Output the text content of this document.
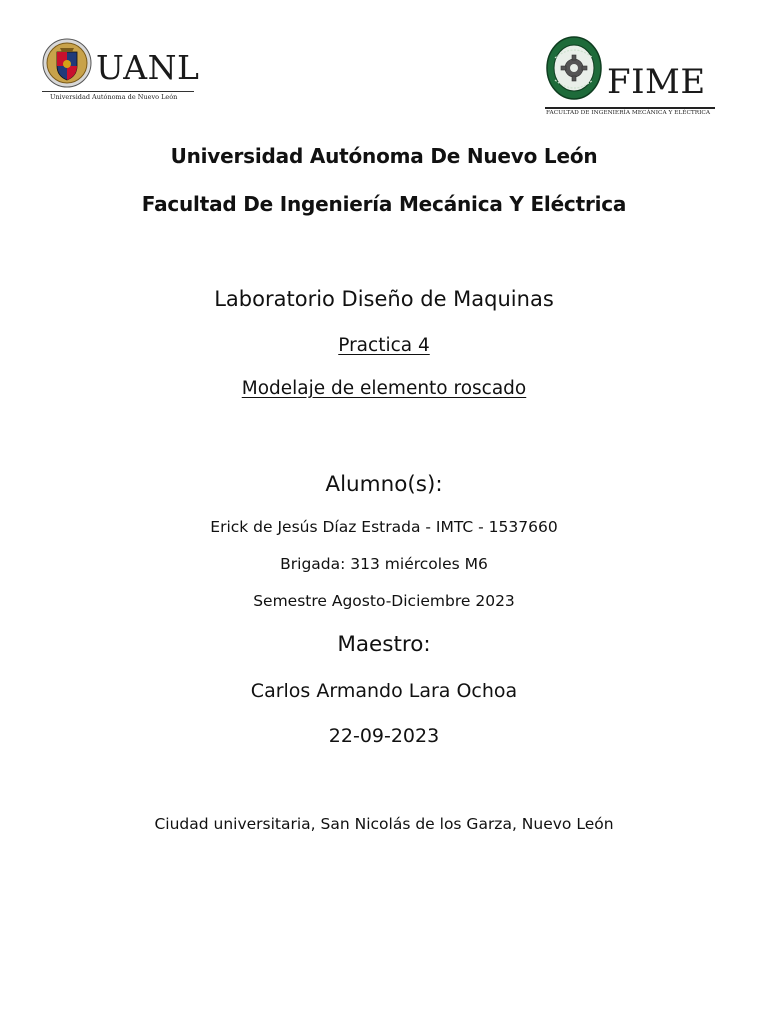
UANL
Universidad Autónoma de Nuevo León	FIME
FACULTAD DE INGENIERÍA MECÁNICA Y ELÉCTRICA
Universidad Autónoma De Nuevo León
Facultad De Ingeniería Mecánica Y Eléctrica
Laboratorio Diseño de Maquinas
Practica 4
Modelaje de elemento roscado
Alumno(s):
Erick de Jesús Díaz Estrada - IMTC - 1537660
Brigada: 313 miércoles M6
Semestre Agosto-Diciembre 2023
Maestro:
Carlos Armando Lara Ochoa
22-09-2023
Ciudad universitaria, San Nicolás de los Garza, Nuevo León
